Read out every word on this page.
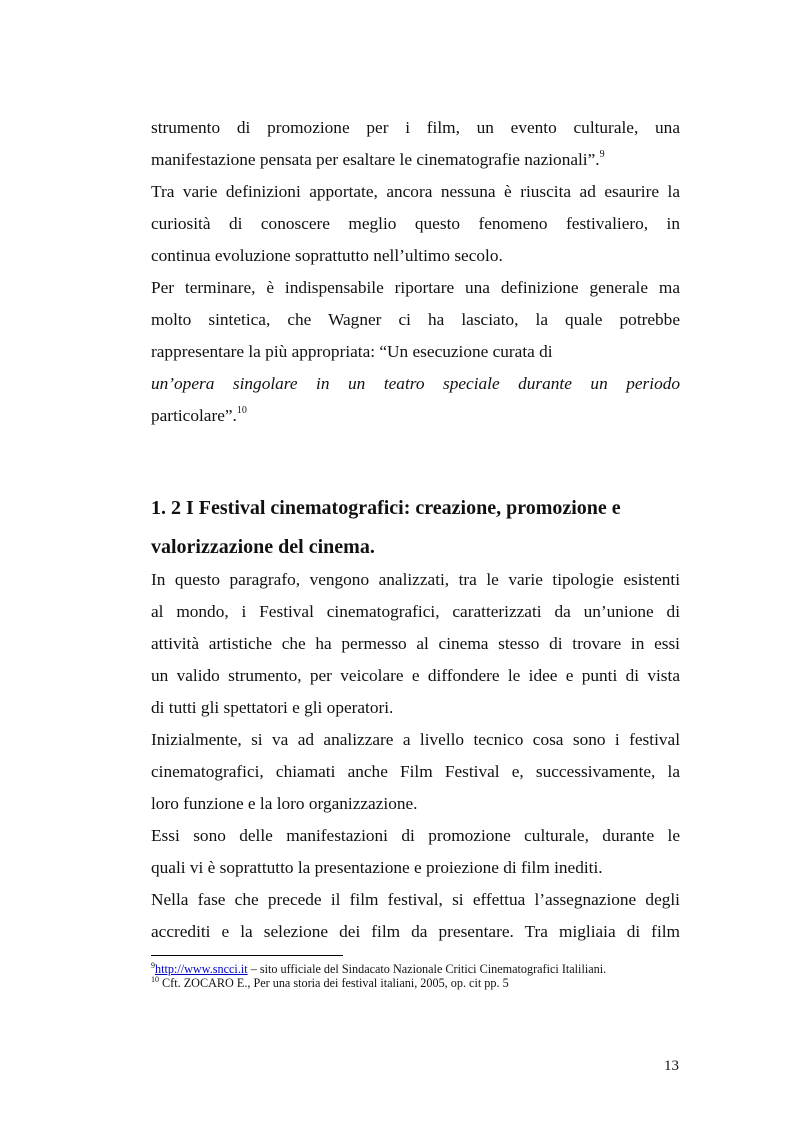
strumento di promozione per i film, un evento culturale, una
manifestazione pensata per esaltare le cinematografie nazionali”.$^9$
Tra varie definizioni apportate, ancora nessuna è riuscita ad esaurire la
curiosità di conoscere meglio questo fenomeno festivaliero, in
continua evoluzione soprattutto nell’ultimo secolo.
Per terminare, è indispensabile riportare una definizione generale ma
molto sintetica, che Wagner ci ha lasciato, la quale potrebbe
rappresentare la più appropriata: “Un esecuzione curata di
un’opera singolare in un teatro speciale durante un periodo
particolare”.$^{10}$
1. 2 I Festival cinematografici: creazione, promozione e
valorizzazione del cinema.
In questo paragrafo, vengono analizzati, tra le varie tipologie esistenti
al mondo, i Festival cinematografici, caratterizzati da un’unione di
attività artistiche che ha permesso al cinema stesso di trovare in essi
un valido strumento, per veicolare e diffondere le idee e punti di vista
di tutti gli spettatori e gli operatori.
Inizialmente, si va ad analizzare a livello tecnico cosa sono i festival
cinematografici, chiamati anche Film Festival e, successivamente, la
loro funzione e la loro organizzazione.
Essi sono delle manifestazioni di promozione culturale, durante le
quali vi è soprattutto la presentazione e proiezione di film inediti.
Nella fase che precede il film festival, si effettua l’assegnazione degli
accrediti e la selezione dei film da presentare. Tra migliaia di film
$^9$http://www.sncci.it – sito ufficiale del Sindacato Nazionale Critici Cinematografici Italiliani.
$^{10}$ Cft. ZOCARO E., Per una storia dei festival italiani, 2005, op. cit pp. 5
13
